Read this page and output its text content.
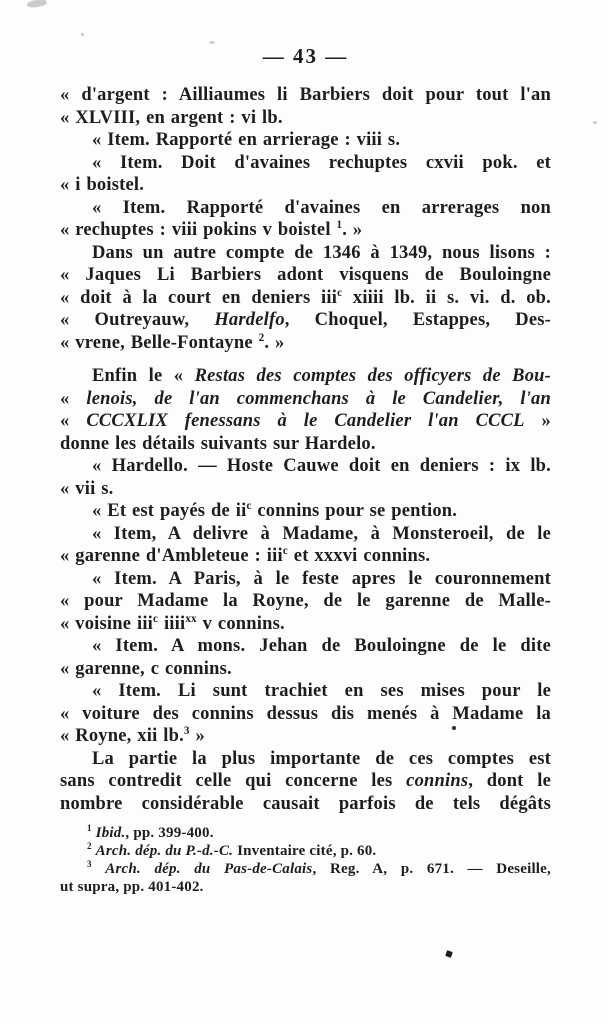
— 43 —
« d'argent : Ailliaumes li Barbiers doit pour tout l'an
« XLVIII, en argent : vi lb.
« Item. Rapporté en arrierage : viii s.
« Item. Doit d'avaines rechuptes cxvii pok. et
« i boistel.
« Item. Rapporté d'avaines en arrerages non
« rechuptes : viii pokins v boistel $^1$. »
Dans un autre compte de 1346 à 1349, nous lisons :
« Jaques Li Barbiers adont visquens de Bouloingne
« doit à la court en deniers iii$^c$ xiiii lb. ii s. vi. d. ob.
« Outreyauw, Hardelfo, Choquel, Estappes, Des-
« vrene, Belle-Fontayne $^2$. »
Enfin le « Restas des comptes des officyers de Bou-
« lenois, de l'an commenchans à le Candelier, l'an
« CCCXLIX fenessans à le Candelier l'an CCCL »
donne les détails suivants sur Hardelo.
« Hardello. — Hoste Cauwe doit en deniers : ix lb.
« vii s.
« Et est payés de $ii^c$ connins pour se pention.
« Item, A delivre à Madame, à Monsteroeil, de le
« garenne d'Ambleteue : iii$^c$ et xxxvi connins.
« Item. A Paris, à le feste apres le couronnement
« pour Madame la Royne, de le garenne de Malle-
« voisine iii$^c$ iiii$^{xx}$ v connins.
« Item. A mons. Jehan de Bouloingne de le dite
« garenne, c connins.
« Item. Li sunt trachiet en ses mises pour le
« voiture des connins dessus dis menés à Madame la
« Royne, xii lb.$^3$ »
La partie la plus importante de ces comptes est
sans contredit celle qui concerne les connins, dont le
nombre considérable causait parfois de tels dégâts
$^1$ Ibid., pp. 399-400.
$^2$ Arch. dép. du P.-d.-C. Inventaire cité, p. 60.
$^3$ Arch. dép. du Pas-de-Calais, Reg. A, p. 671. — Deseille,
ut supra, pp. 401-402.
